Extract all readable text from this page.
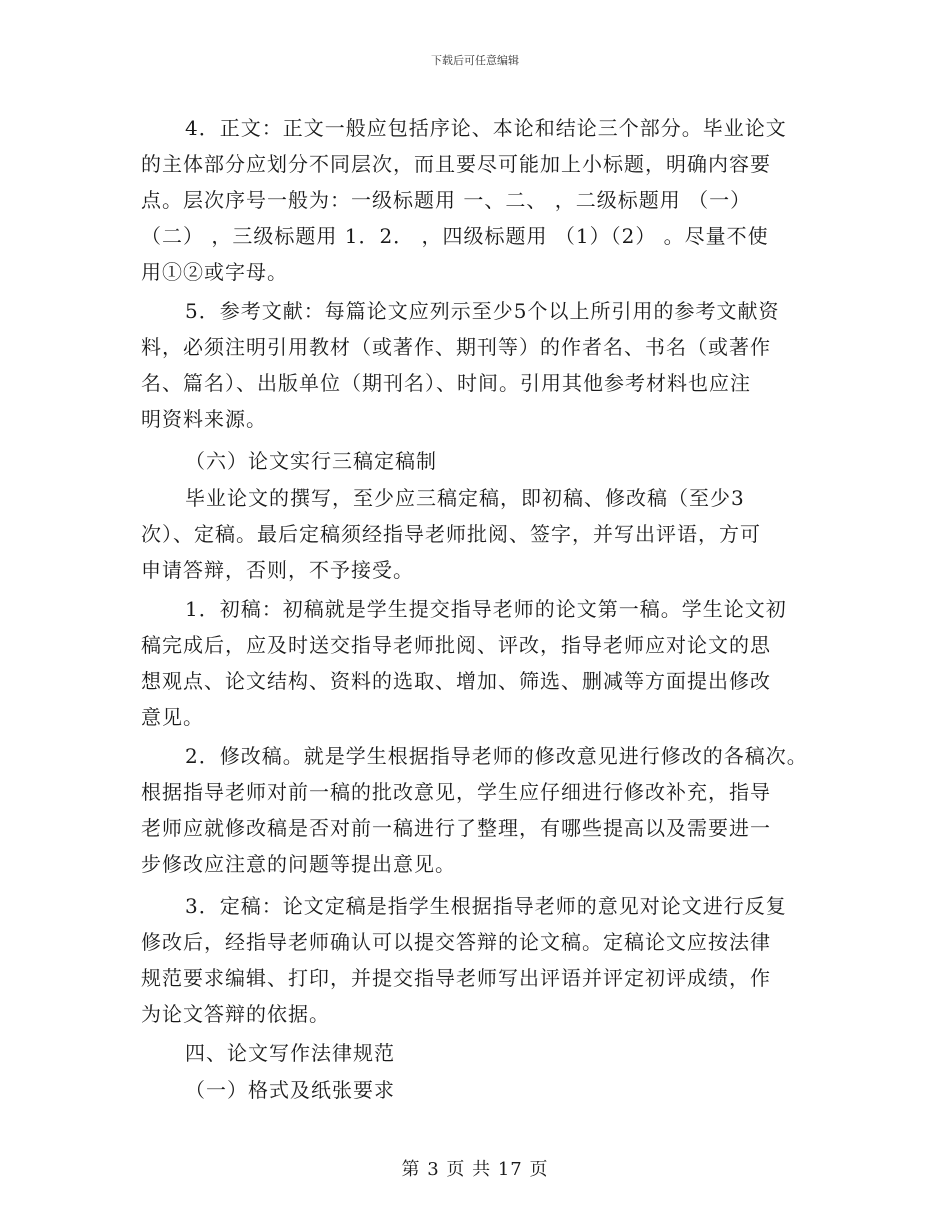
下载后可任意编辑
4．正文：正文一般应包括序论、本论和结论三个部分。毕业论文
的主体部分应划分不同层次，而且要尽可能加上小标题，明确内容要
点。层次序号一般为：一级标题用 一、二、 ，二级标题用 （一）
（二） ，三级标题用 1．2． ，四级标题用 （1）（2） 。尽量不使
用①②或字母。
5．参考文献：每篇论文应列示至少5个以上所引用的参考文献资
料，必须注明引用教材（或著作、期刊等）的作者名、书名（或著作
名、篇名）、出版单位（期刊名）、时间。引用其他参考材料也应注
明资料来源。
（六）论文实行三稿定稿制
毕业论文的撰写，至少应三稿定稿，即初稿、修改稿（至少3
次）、定稿。最后定稿须经指导老师批阅、签字，并写出评语，方可
申请答辩，否则，不予接受。
1．初稿：初稿就是学生提交指导老师的论文第一稿。学生论文初
稿完成后，应及时送交指导老师批阅、评改，指导老师应对论文的思
想观点、论文结构、资料的选取、增加、筛选、删减等方面提出修改
意见。
2．修改稿。就是学生根据指导老师的修改意见进行修改的各稿次。
根据指导老师对前一稿的批改意见，学生应仔细进行修改补充，指导
老师应就修改稿是否对前一稿进行了整理，有哪些提高以及需要进一
步修改应注意的问题等提出意见。
3．定稿：论文定稿是指学生根据指导老师的意见对论文进行反复
修改后，经指导老师确认可以提交答辩的论文稿。定稿论文应按法律
规范要求编辑、打印，并提交指导老师写出评语并评定初评成绩，作
为论文答辩的依据。
四、论文写作法律规范
（一）格式及纸张要求
第 3 页 共 17 页
